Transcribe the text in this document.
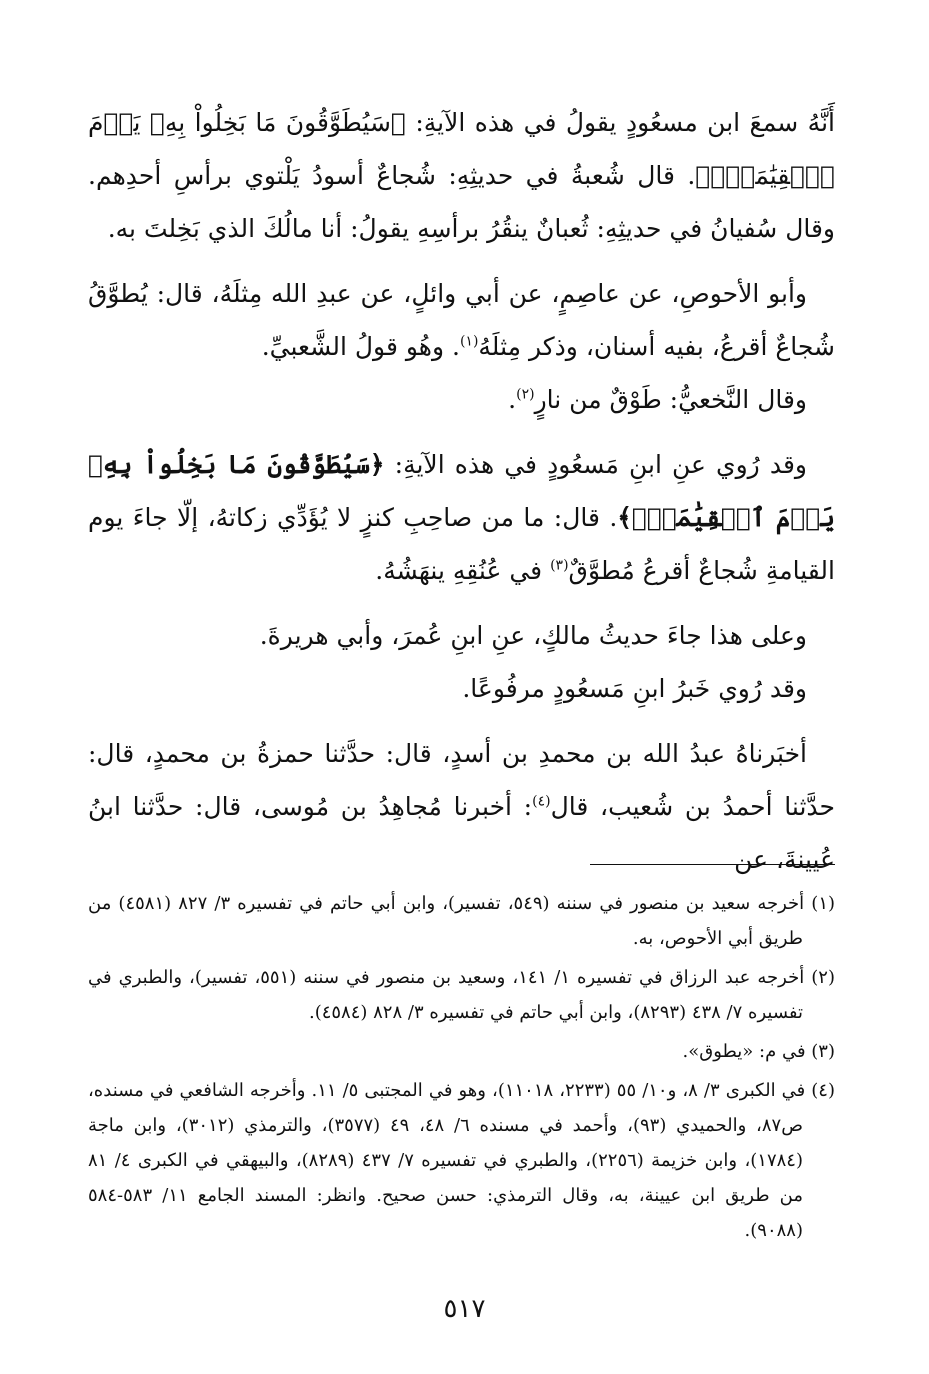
أَنَّهُ سمعَ ابن مسعُودٍ يقولُ في هذه الآيةِ: ﴿سَيُطَوَّقُونَ مَا بَخِلُواْ بِهِۦ يَوۡمَ ٱلۡقِيَٰمَةِۗ﴾. قال شُعبةُ في حديثِهِ: شُجاعٌ أسودُ يَلْتوي برأسِ أحدِهم. وقال سُفيانُ في حديثِهِ: ثُعبانٌ ينقُرُ برأسِهِ يقولُ: أنا مالُكَ الذي بَخِلتَ به.

وأبو الأحوصِ، عن عاصِمٍ، عن أبي وائلٍ، عن عبدِ الله مِثلَهُ، قال: يُطوَّقُ شُجاعٌ أقرعُ، بفيه أسنان، وذكر مِثلَهُ$^{(١)}$. وهُو قولُ الشَّعبيِّ.

وقال النَّخعيُّ: طَوْقٌ من نارٍ$^{(٢)}$.

وقد رُوي عنِ ابنِ مَسعُودٍ في هذه الآيةِ: ﴿سَيُطَوَّقُونَ مَا بَخِلُواْ بِهِۦ يَوۡمَ ٱلۡقِيَٰمَةِۗ﴾. قال: ما من صاحِبِ كنزٍ لا يُؤَدِّي زكاتهُ، إلّا جاءَ يوم القيامةِ شُجاعٌ أقرعُ مُطوَّقٌ$^{(٣)}$ في عُنُقِهِ ينهَشُهُ.

وعلى هذا جاءَ حديثُ مالكٍ، عنِ ابنِ عُمرَ، وأبي هريرةَ.

وقد رُوي خَبرُ ابنِ مَسعُودٍ مرفُوعًا.

أخبَرناهُ عبدُ الله بن محمدِ بن أسدٍ، قال: حدَّثنا حمزةُ بن محمدٍ، قال: حدَّثنا أحمدُ بن شُعيب، قال$^{(٤)}$: أخبرنا مُجاهِدُ بن مُوسى، قال: حدَّثنا ابنُ عُيينةَ، عن

(١) أخرجه سعيد بن منصور في سننه (٥٤٩، تفسير)، وابن أبي حاتم في تفسيره ٣/ ٨٢٧ (٤٥٨١) من طريق أبي الأحوص، به.

(٢) أخرجه عبد الرزاق في تفسيره ١/ ١٤١، وسعيد بن منصور في سننه (٥٥١، تفسير)، والطبري في تفسيره ٧/ ٤٣٨ (٨٢٩٣)، وابن أبي حاتم في تفسيره ٣/ ٨٢٨ (٤٥٨٤).

(٣) في م: «يطوق».

(٤) في الكبرى ٣/ ٨، و١٠/ ٥٥ (٢٢٣٣، ١١٠١٨)، وهو في المجتبى ٥/ ١١. وأخرجه الشافعي في مسنده، ص٨٧، والحميدي (٩٣)، وأحمد في مسنده ٦/ ٤٨، ٤٩ (٣٥٧٧)، والترمذي (٣٠١٢)، وابن ماجة (١٧٨٤)، وابن خزيمة (٢٢٥٦)، والطبري في تفسيره ٧/ ٤٣٧ (٨٢٨٩)، والبيهقي في الكبرى ٤/ ٨١ من طريق ابن عيينة، به، وقال الترمذي: حسن صحيح. وانظر: المسند الجامع ١١/ ٥٨٣-٥٨٤ (٩٠٨٨).

٥١٧
